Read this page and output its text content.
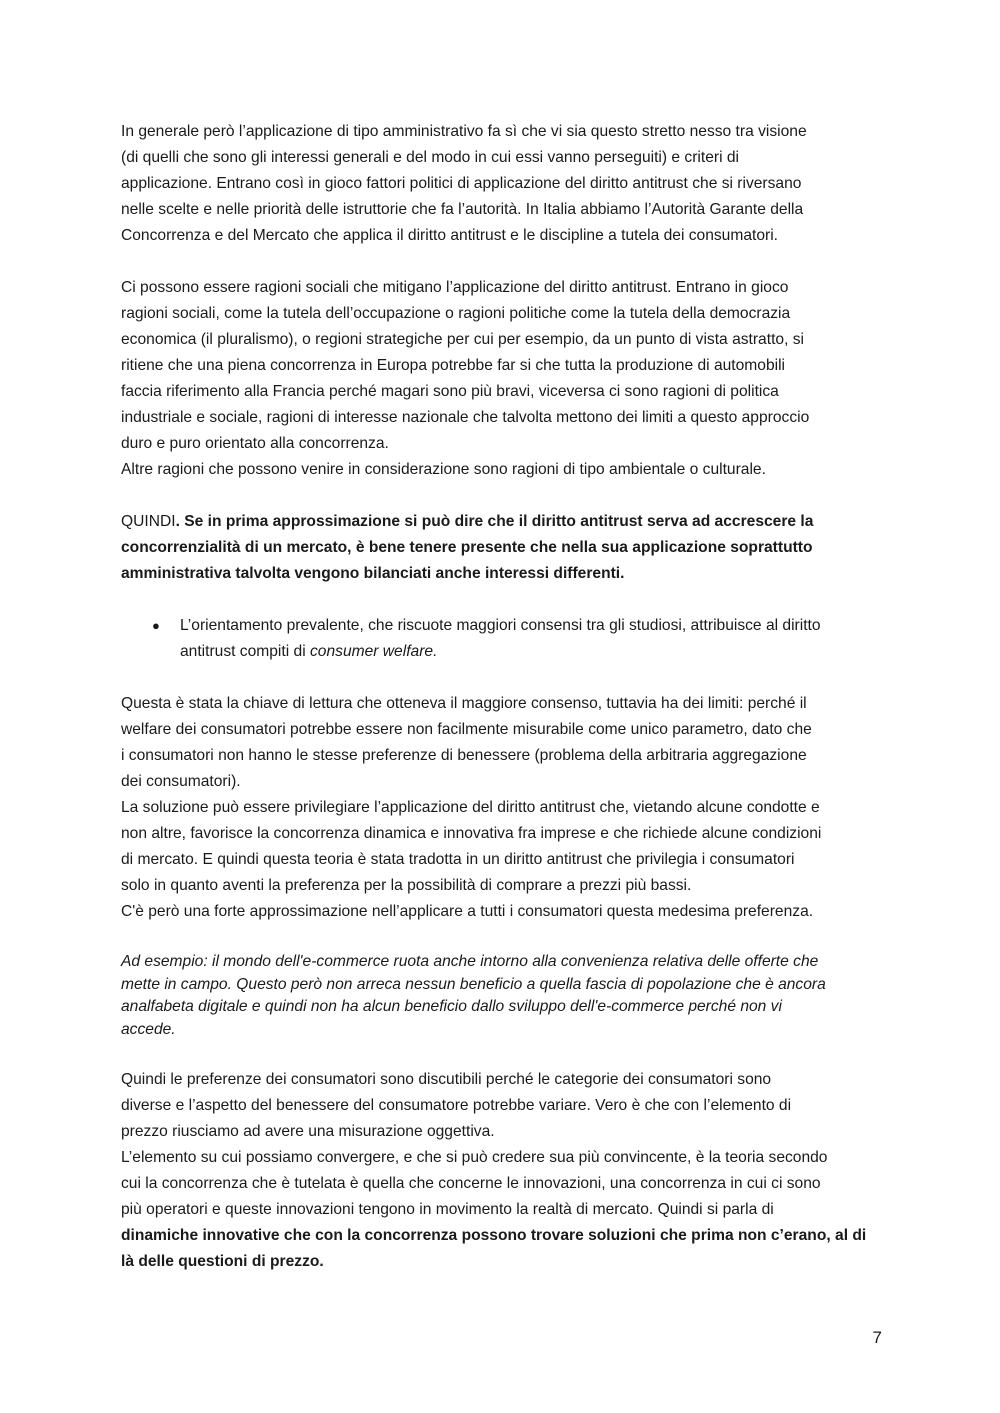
In generale però l’applicazione di tipo amministrativo fa sì che vi sia questo stretto nesso tra visione
(di quelli che sono gli interessi generali e del modo in cui essi vanno perseguiti) e criteri di
applicazione. Entrano così in gioco fattori politici di applicazione del diritto antitrust che si riversano
nelle scelte e nelle priorità delle istruttorie che fa l’autorità. In Italia abbiamo l’Autorità Garante della
Concorrenza e del Mercato che applica il diritto antitrust e le discipline a tutela dei consumatori.
Ci possono essere ragioni sociali che mitigano l’applicazione del diritto antitrust. Entrano in gioco
ragioni sociali, come la tutela dell’occupazione o ragioni politiche come la tutela della democrazia
economica (il pluralismo), o regioni strategiche per cui per esempio, da un punto di vista astratto, si
ritiene che una piena concorrenza in Europa potrebbe far si che tutta la produzione di automobili
faccia riferimento alla Francia perché magari sono più bravi, viceversa ci sono ragioni di politica
industriale e sociale, ragioni di interesse nazionale che talvolta mettono dei limiti a questo approccio
duro e puro orientato alla concorrenza.
Altre ragioni che possono venire in considerazione sono ragioni di tipo ambientale o culturale.
QUINDI. Se in prima approssimazione si può dire che il diritto antitrust serva ad accrescere la
concorrenzialità di un mercato, è bene tenere presente che nella sua applicazione soprattutto
amministrativa talvolta vengono bilanciati anche interessi differenti.
● L’orientamento prevalente, che riscuote maggiori consensi tra gli studiosi, attribuisce al diritto
antitrust compiti di consumer welfare.
Questa è stata la chiave di lettura che otteneva il maggiore consenso, tuttavia ha dei limiti: perché il
welfare dei consumatori potrebbe essere non facilmente misurabile come unico parametro, dato che
i consumatori non hanno le stesse preferenze di benessere (problema della arbitraria aggregazione
dei consumatori).
La soluzione può essere privilegiare l’applicazione del diritto antitrust che, vietando alcune condotte e
non altre, favorisce la concorrenza dinamica e innovativa fra imprese e che richiede alcune condizioni
di mercato. E quindi questa teoria è stata tradotta in un diritto antitrust che privilegia i consumatori
solo in quanto aventi la preferenza per la possibilità di comprare a prezzi più bassi.
C'è però una forte approssimazione nell’applicare a tutti i consumatori questa medesima preferenza.
Ad esempio: il mondo dell'e-commerce ruota anche intorno alla convenienza relativa delle offerte che
mette in campo. Questo però non arreca nessun beneficio a quella fascia di popolazione che è ancora
analfabeta digitale e quindi non ha alcun beneficio dallo sviluppo dell'e-commerce perché non vi
accede.
Quindi le preferenze dei consumatori sono discutibili perché le categorie dei consumatori sono
diverse e l’aspetto del benessere del consumatore potrebbe variare. Vero è che con l’elemento di
prezzo riusciamo ad avere una misurazione oggettiva.
L’elemento su cui possiamo convergere, e che si può credere sua più convincente, è la teoria secondo
cui la concorrenza che è tutelata è quella che concerne le innovazioni, una concorrenza in cui ci sono
più operatori e queste innovazioni tengono in movimento la realtà di mercato. Quindi si parla di
dinamiche innovative che con la concorrenza possono trovare soluzioni che prima non c’erano, al di
là delle questioni di prezzo.
7
